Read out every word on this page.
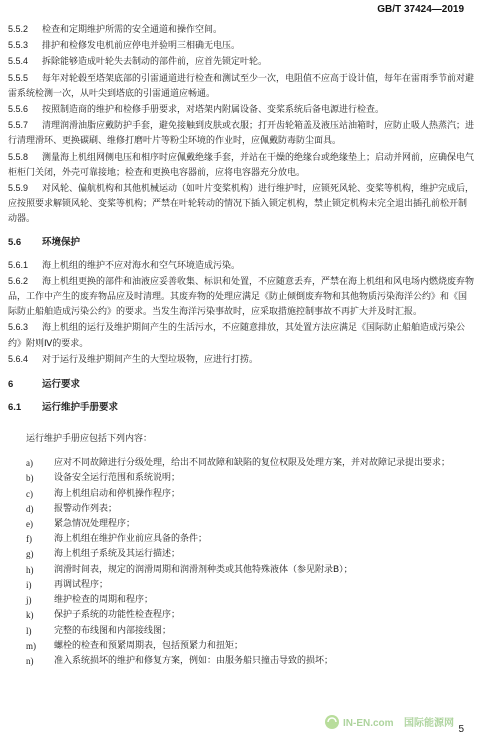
GB/T 37424—2019

5.5.2 检查和定期维护所需的安全通道和操作空间。

5.5.3 排护和检修发电机前应停电并验明三相确无电压。

5.5.4 拆除能够造成叶轮失去制动的部件前，应首先锁定叶轮。

5.5.5 每年对轮毂至塔架底部的引雷通道进行检查和测试至少一次，电阻值不应高于设计值，每年在雷雨季节前对避雷系统检测一次，从叶尖到塔底的引雷通道应畅通。

5.5.6 按照制造商的维护和检修手册要求，对塔架内附属设备、变桨系统后备电源进行检查。

5.5.7 清理润滑油脂应戴防护手套，避免接触到皮肤或衣服；打开齿轮箱盖及液压站油箱时，应防止吸人热蒸汽；进行清理滑环、更换碳刷、维修打磨叶片等粉尘环境的作业时，应佩戴防毒防尘面具。

5.5.8 测量海上机组网侧电压和相序时应佩戴绝缘手套，并站在干燥的绝缘台或绝缘垫上；启动并网前，应确保电气柜柜门关闭，外壳可靠接地；检查和更换电容器前，应将电容器充分放电。

5.5.9 对风轮、偏航机构和其他机械运动（如叶片变桨机构）进行维护时，应锁死风轮、变桨等机构，维护完成后，应按照要求解锁风轮、变桨等机构；严禁在叶轮转动的情况下插入锁定机构，禁止锁定机构未完全退出插孔前松开制动器。

5.6 环境保护

5.6.1 海上机组的维护不应对海水和空气环境造成污染。

5.6.2 海上机组更换的部件和油液应妥善收集、标识和处置，不应随意丢弃，严禁在海上机组和风电场内燃烧废弃物品，工作中产生的废弃物品应及时清理。其废弃物的处理应满足《防止倾倒废弃物和其他物质污染海洋公约》和《国际防止船舶造成污染公约》的要求。当发生海洋污染事故时，应采取措施控制事故不再扩大并及时汇报。

5.6.3 海上机组的运行及维护期间产生的生活污水，不应随意排放，其处置方法应满足《国际防止船舶造成污染公约》附则Ⅳ的要求。

5.6.4 对于运行及维护期间产生的大型垃圾物，应进行打捞。

6	运行要求

6.1 运行维护手册要求

运行维护手册应包括下列内容：

a) 应对不同故障进行分级处理，给出不同故障和缺陷的复位权限及处理方案，并对故障记录提出要求；
b) 设备安全运行范围和系统说明；
c) 海上机组启动和停机操作程序；
d) 报警动作列表；
e) 紧急情况处理程序；
f) 海上机组在维护作业前应具备的条件；
g) 海上机组子系统及其运行描述；
h) 润滑时间表，规定的润滑周期和润滑剂种类或其他特殊液体（参见附录B）；
i)	再调试程序；
j)	维护检查的周期和程序；
k) 保护子系统的功能性检查程序；
l)	完整的布线图和内部接线图；
m) 螺栓的检查和预紧周期表，包括预紧力和扭矩；
n) 准入系统损坏的维护和修复方案，例如：由服务船只撞击导致的损坏；
IN-EN.com 国际能源网
5
